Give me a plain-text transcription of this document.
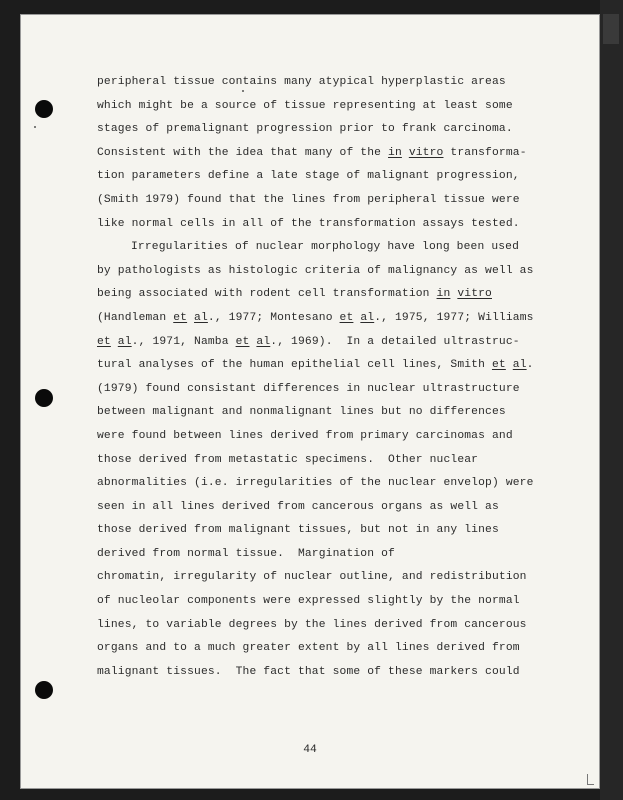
peripheral tissue contains many atypical hyperplastic areas
which might be a source of tissue representing at least some
stages of premalignant progression prior to frank carcinoma.
Consistent with the idea that many of the in vitro transforma-
tion parameters define a late stage of malignant progression,
(Smith 1979) found that the lines from peripheral tissue were
like normal cells in all of the transformation assays tested.
Irregularities of nuclear morphology have long been used
by pathologists as histologic criteria of malignancy as well as
being associated with rodent cell transformation in vitro
(Handleman et al., 1977; Montesano et al., 1975, 1977; Williams
et al., 1971, Namba et al., 1969).  In a detailed ultrastruc-
tural analyses of the human epithelial cell lines, Smith et al.
(1979) found consistant differences in nuclear ultrastructure
between malignant and nonmalignant lines but no differences
were found between lines derived from primary carcinomas and
those derived from metastatic specimens.  Other nuclear
abnormalities (i.e. irregularities of the nuclear envelop) were
seen in all lines derived from cancerous organs as well as
those derived from malignant tissues, but not in any lines
derived from normal tissue.  Margination of
chromatin, irregularity of nuclear outline, and redistribution
of nucleolar components were expressed slightly by the normal
lines, to variable degrees by the lines derived from cancerous
organs and to a much greater extent by all lines derived from
malignant tissues.  The fact that some of these markers could
44
